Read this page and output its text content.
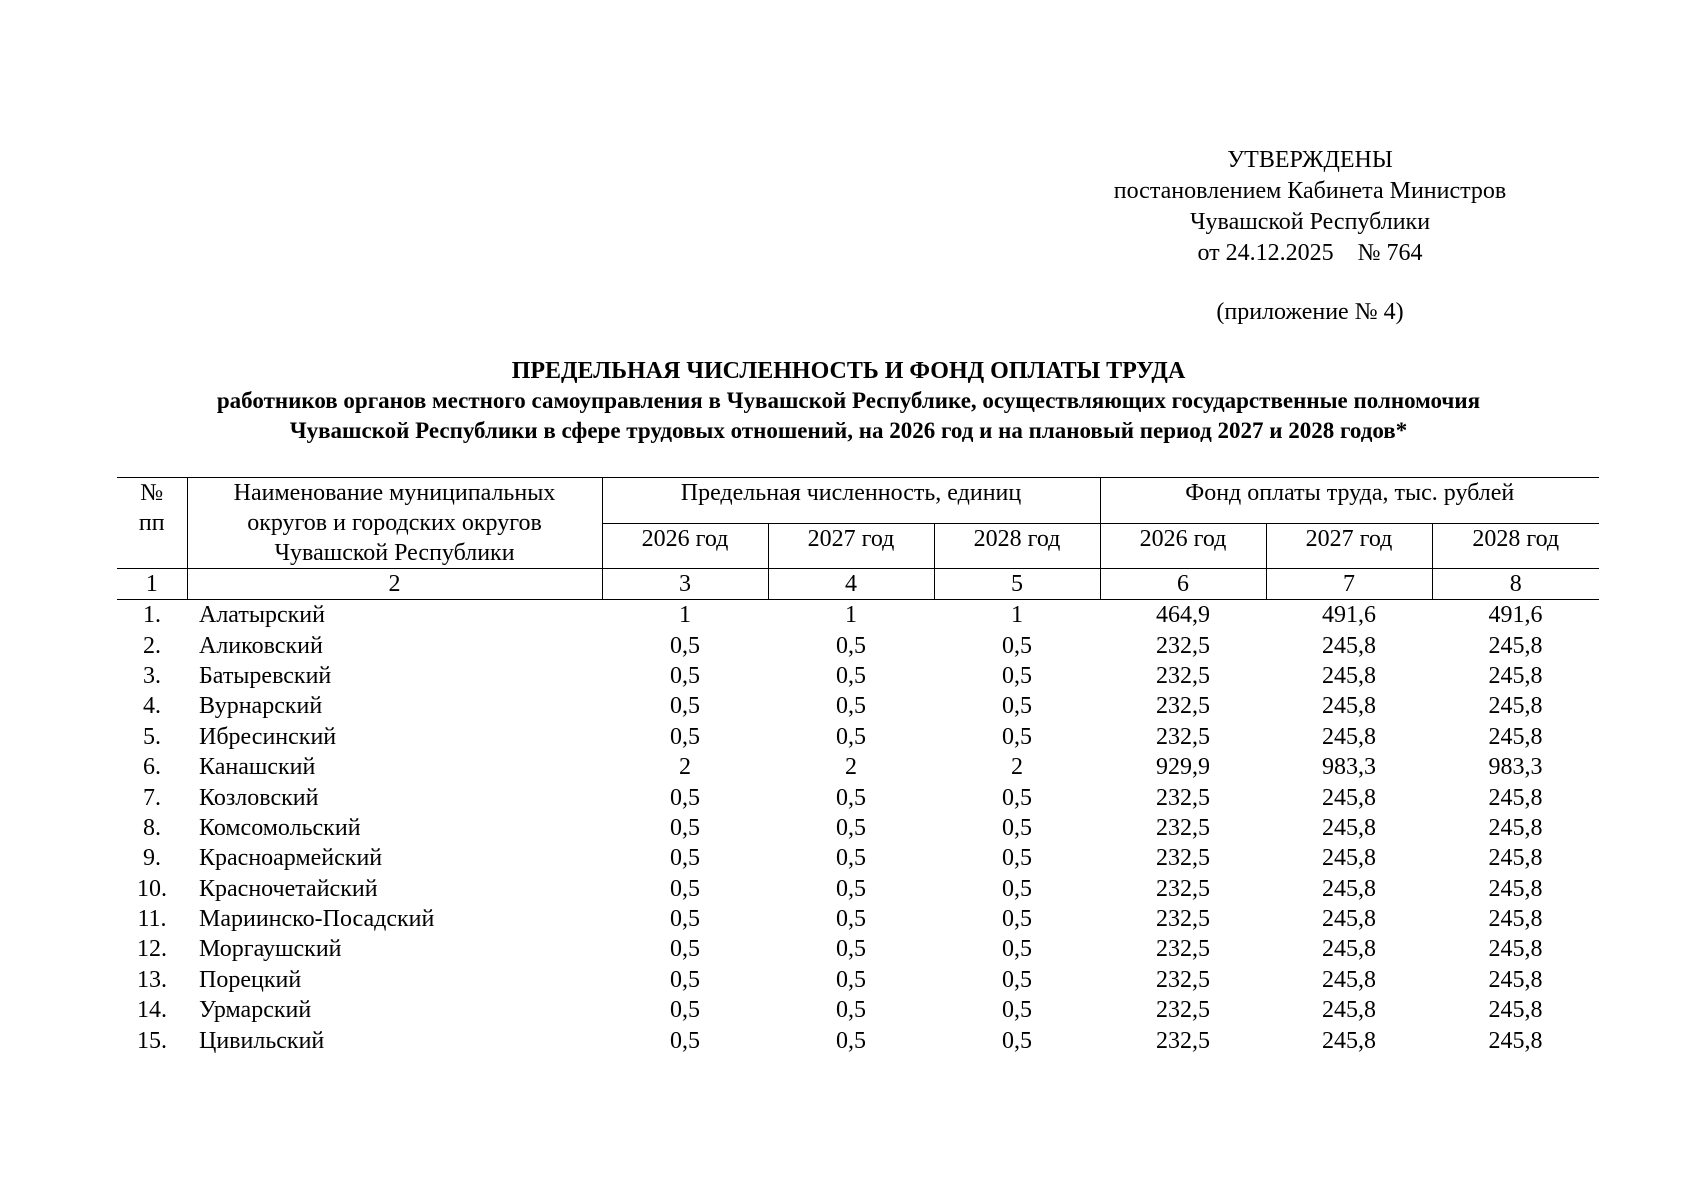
УТВЕРЖДЕНЫ
постановлением Кабинета Министров
Чувашской Республики
от 24.12.2025    № 764
(приложение № 4)
ПРЕДЕЛЬНАЯ ЧИСЛЕННОСТЬ И ФОНД ОПЛАТЫ ТРУДА
работников органов местного самоуправления в Чувашской Республике, осуществляющих государственные полномочия
Чувашской Республики в сфере трудовых отношений, на 2026 год и на плановый период 2027 и 2028 годов*
№ пп	Наименование муниципальных округов и городских округов Чувашской Республики	Предельная численность, единиц			Фонд оплаты труда, тыс. рублей		
		2026 год	2027 год	2028 год	2026 год	2027 год	2028 год
1	2	3	4	5	6	7	8
1.	Алатырский	1	1	1	464,9	491,6	491,6
2.	Аликовский	0,5	0,5	0,5	232,5	245,8	245,8
3.	Батыревский	0,5	0,5	0,5	232,5	245,8	245,8
4.	Вурнарский	0,5	0,5	0,5	232,5	245,8	245,8
5.	Ибресинский	0,5	0,5	0,5	232,5	245,8	245,8
6.	Канашский	2	2	2	929,9	983,3	983,3
7.	Козловский	0,5	0,5	0,5	232,5	245,8	245,8
8.	Комсомольский	0,5	0,5	0,5	232,5	245,8	245,8
9.	Красноармейский	0,5	0,5	0,5	232,5	245,8	245,8
10.	Красночетайский	0,5	0,5	0,5	232,5	245,8	245,8
11.	Мариинско-Посадский	0,5	0,5	0,5	232,5	245,8	245,8
12.	Моргаушский	0,5	0,5	0,5	232,5	245,8	245,8
13.	Порецкий	0,5	0,5	0,5	232,5	245,8	245,8
14.	Урмарский	0,5	0,5	0,5	232,5	245,8	245,8
15.	Цивильский	0,5	0,5	0,5	232,5	245,8	245,8
